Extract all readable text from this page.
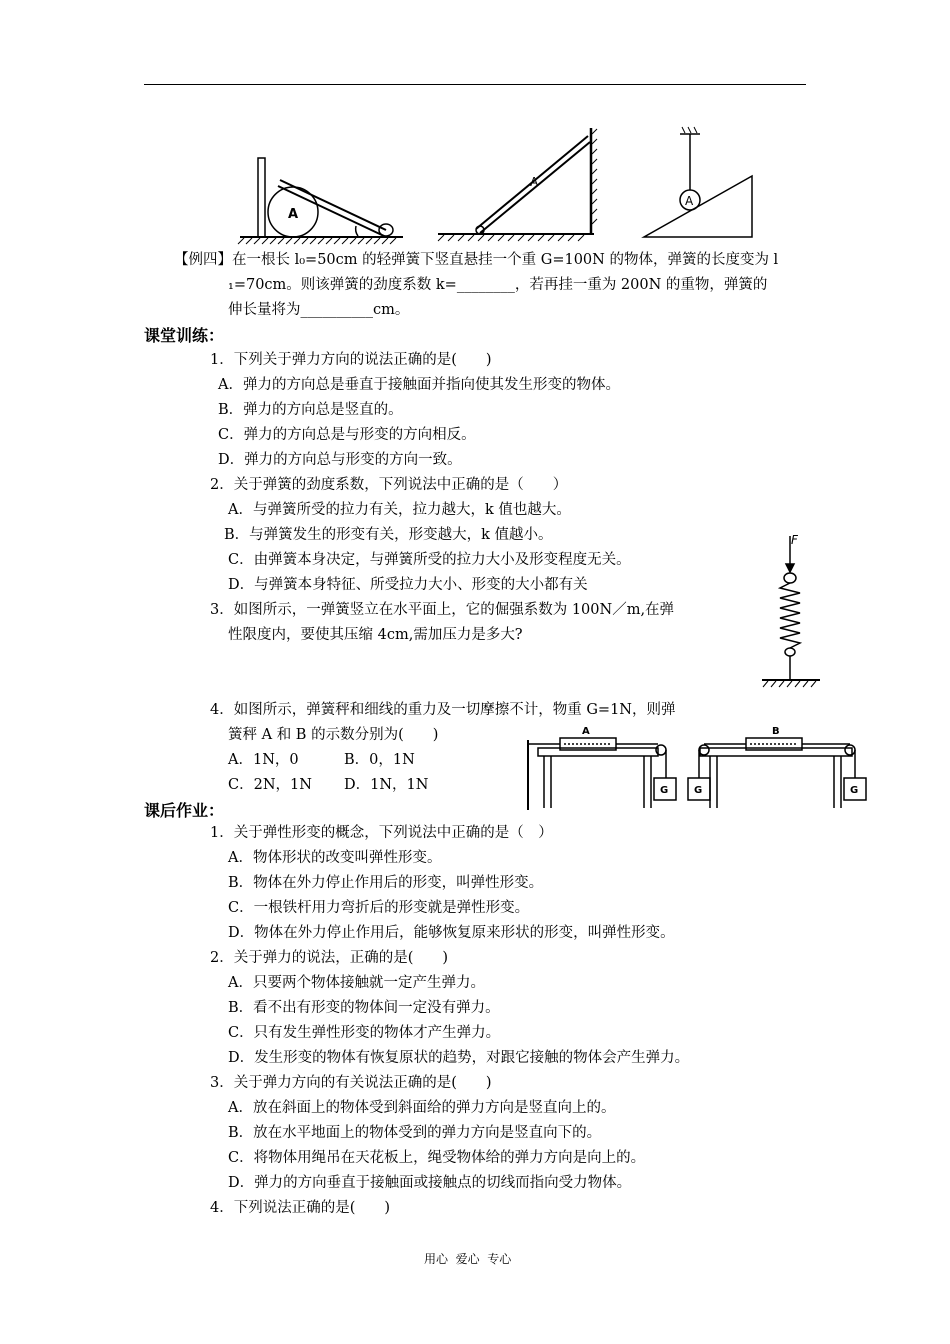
A
A
A
【例四】在一根长 l₀=50cm 的轻弹簧下竖直悬挂一个重 G=100N 的物体，弹簧的长度变为 l
₁=70cm。则该弹簧的劲度系数 k=________，若再挂一重为 200N 的重物，弹簧的
伸长量将为__________cm。
课堂训练：
1．下列关于弹力方向的说法正确的是(　　)
A．弹力的方向总是垂直于接触面并指向使其发生形变的物体。
B．弹力的方向总是竖直的。
C．弹力的方向总是与形变的方向相反。
D．弹力的方向总与形变的方向一致。
2．关于弹簧的劲度系数，下列说法中正确的是（　　）
A．与弹簧所受的拉力有关，拉力越大，k 值也越大。
B．与弹簧发生的形变有关，形变越大，k 值越小。
C．由弹簧本身决定，与弹簧所受的拉力大小及形变程度无关。
D．与弹簧本身特征、所受拉力大小、形变的大小都有关
3．如图所示，一弹簧竖立在水平面上，它的倔强系数为 100N／m,在弹
性限度内，要使其压缩 4cm,需加压力是多大?
4．如图所示，弹簧秤和细线的重力及一切摩擦不计，物重 G=1N，则弹
簧秤 A 和 B 的示数分别为(　　)
A．1N，0	B．0，1N
C．2N，1N D．1N，1N
F
A	B
G	G	G
课后作业：
1．关于弹性形变的概念，下列说法中正确的是（　）
A．物体形状的改变叫弹性形变。
B．物体在外力停止作用后的形变，叫弹性形变。
C．一根铁杆用力弯折后的形变就是弹性形变。
D．物体在外力停止作用后，能够恢复原来形状的形变，叫弹性形变。
2．关于弹力的说法，正确的是(　　)
A．只要两个物体接触就一定产生弹力。
B．看不出有形变的物体间一定没有弹力。
C．只有发生弹性形变的物体才产生弹力。
D．发生形变的物体有恢复原状的趋势，对跟它接触的物体会产生弹力。
3．关于弹力方向的有关说法正确的是(　　)
A．放在斜面上的物体受到斜面给的弹力方向是竖直向上的。
B．放在水平地面上的物体受到的弹力方向是竖直向下的。
C．将物体用绳吊在天花板上，绳受物体给的弹力方向是向上的。
D．弹力的方向垂直于接触面或接触点的切线而指向受力物体。
4．下列说法正确的是(　　)
用心  爱心  专心
